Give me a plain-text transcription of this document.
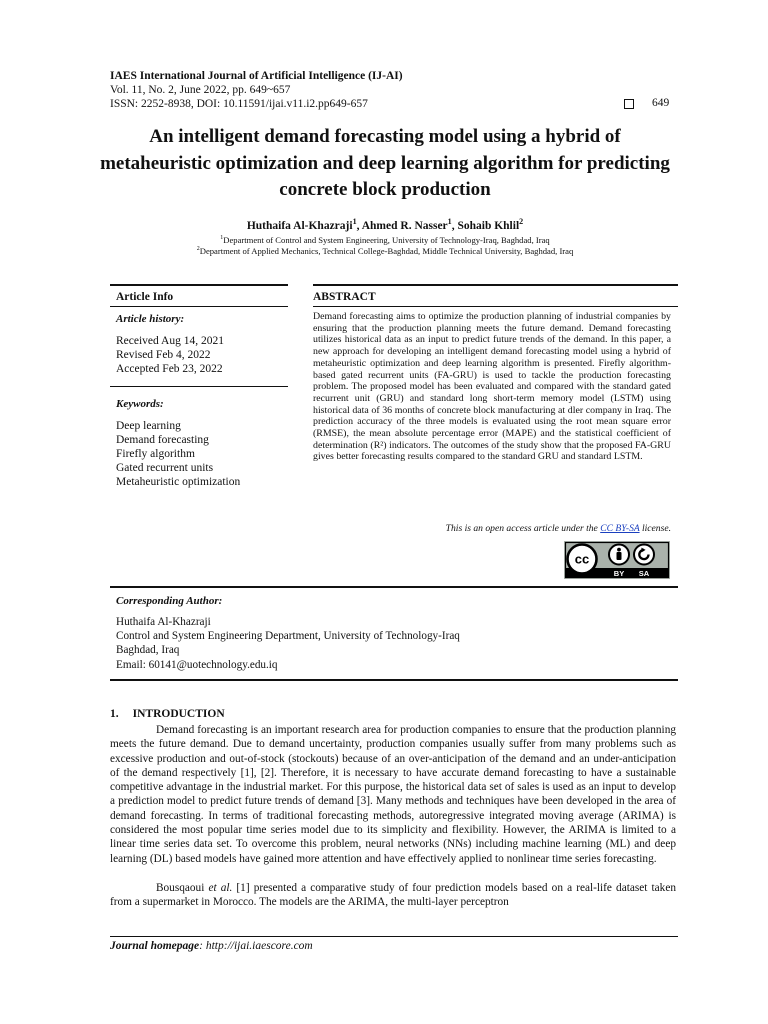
IAES International Journal of Artificial Intelligence (IJ-AI)
Vol. 11, No. 2, June 2022, pp. 649~657
ISSN: 2252-8938, DOI: 10.11591/ijai.v11.i2.pp649-657	649
An intelligent demand forecasting model using a hybrid of metaheuristic optimization and deep learning algorithm for predicting concrete block production
Huthaifa Al-Khazraji$^1$, Ahmed R. Nasser$^1$, Sohaib Khlil$^2$
$^1$Department of Control and System Engineering, University of Technology-Iraq, Baghdad, Iraq
$^2$Department of Applied Mechanics, Technical College-Baghdad, Middle Technical University, Baghdad, Iraq
Article Info	ABSTRACT
Article history:
Received Aug 14, 2021
Revised Feb 4, 2022
Accepted Feb 23, 2022
Keywords:
Deep learning
Demand forecasting
Firefly algorithm
Gated recurrent units
Metaheuristic optimization
Demand forecasting aims to optimize the production planning of industrial companies by ensuring that the production planning meets the future demand. Demand forecasting utilizes historical data as an input to predict future trends of the demand. In this paper, a new approach for developing an intelligent demand forecasting model using a hybrid of metaheuristic optimization and deep learning algorithm is presented. Firefly algorithm-based gated recurrent units (FA-GRU) is used to tackle the production forecasting problem. The proposed model has been evaluated and compared with the standard gated recurrent unit (GRU) and standard long short-term memory model (LSTM) using historical data of 36 months of concrete block manufacturing at dler company in Iraq. The prediction accuracy of the three models is evaluated using the root mean square error (RMSE), the mean absolute percentage error (MAPE) and the statistical coefficient of determination (R²) indicators. The outcomes of the study show that the proposed FA-GRU gives better forecasting results compared to the standard GRU and standard LSTM.
This is an open access article under the CC BY-SA license.
cc
BY SA
Corresponding Author:
Huthaifa Al-Khazraji
Control and System Engineering Department, University of Technology-Iraq
Baghdad, Iraq
Email: 60141@uotechnology.edu.iq
1. INTRODUCTION
Demand forecasting is an important research area for production companies to ensure that the production planning meets the future demand. Due to demand uncertainty, production companies usually suffer from many problems such as excessive production and out-of-stock (stockouts) because of an over-anticipation of the demand and an under-anticipation of the demand respectively [1], [2]. Therefore, it is necessary to have accurate demand forecasting to have a sustainable competitive advantage in the industrial market. For this purpose, the historical data set of sales is used as an input to develop a prediction model to predict future trends of demand [3]. Many methods and techniques have been developed in the area of demand forecasting. In terms of traditional forecasting methods, autoregressive integrated moving average (ARIMA) is considered the most popular time series model due to its simplicity and flexibility. However, the ARIMA is limited to a linear time series data set. To overcome this problem, neural networks (NNs) including machine learning (ML) and deep learning (DL) based models have gained more attention and have effectively applied to nonlinear time series forecasting.
Bousqaoui et al. [1] presented a comparative study of four prediction models based on a real-life dataset taken from a supermarket in Morocco. The models are the ARIMA, the multi-layer perceptron
Journal homepage: http://ijai.iaescore.com
